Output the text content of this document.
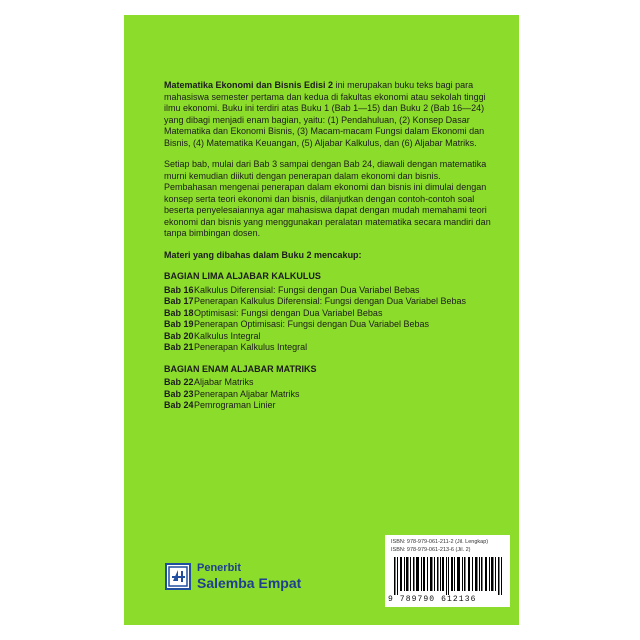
Matematika Ekonomi dan Bisnis Edisi 2 ini merupakan buku teks bagi para mahasiswa semester pertama dan kedua di fakultas ekonomi atau sekolah tinggi ilmu ekonomi. Buku ini terdiri atas Buku 1 (Bab 1—15) dan Buku 2 (Bab 16—24) yang dibagi menjadi enam bagian, yaitu: (1) Pendahuluan, (2) Konsep Dasar Matematika dan Ekonomi Bisnis, (3) Macam-macam Fungsi dalam Ekonomi dan Bisnis, (4) Matematika Keuangan, (5) Aljabar Kalkulus, dan (6) Aljabar Matriks.

Setiap bab, mulai dari Bab 3 sampai dengan Bab 24, diawali dengan matematika murni kemudian diikuti dengan penerapan dalam ekonomi dan bisnis. Pembahasan mengenai penerapan dalam ekonomi dan bisnis ini dimulai dengan konsep serta teori ekonomi dan bisnis, dilanjutkan dengan contoh-contoh soal beserta penyelesaiannya agar mahasiswa dapat dengan mudah memahami teori ekonomi dan bisnis yang menggunakan peralatan matematika secara mandiri dan tanpa bimbingan dosen.

Materi yang dibahas dalam Buku 2 mencakup:

BAGIAN LIMA ALJABAR KALKULUS
Bab 16 Kalkulus Diferensial: Fungsi dengan Dua Variabel Bebas
Bab 17 Penerapan Kalkulus Diferensial: Fungsi dengan Dua Variabel Bebas
Bab 18 Optimisasi: Fungsi dengan Dua Variabel Bebas
Bab 19 Penerapan Optimisasi: Fungsi dengan Dua Variabel Bebas
Bab 20 Kalkulus Integral
Bab 21 Penerapan Kalkulus Integral
BAGIAN ENAM ALJABAR MATRIKS
Bab 22 Aljabar Matriks
Bab 23 Penerapan Aljabar Matriks
Bab 24 Pemrograman Linier
ISBN: 978-979-061-211-2 (Jil. Lengkap)
ISBN: 978-979-061-213-6 (Jil. 2)
9 789790 612136
Penerbit
Salemba Empat
